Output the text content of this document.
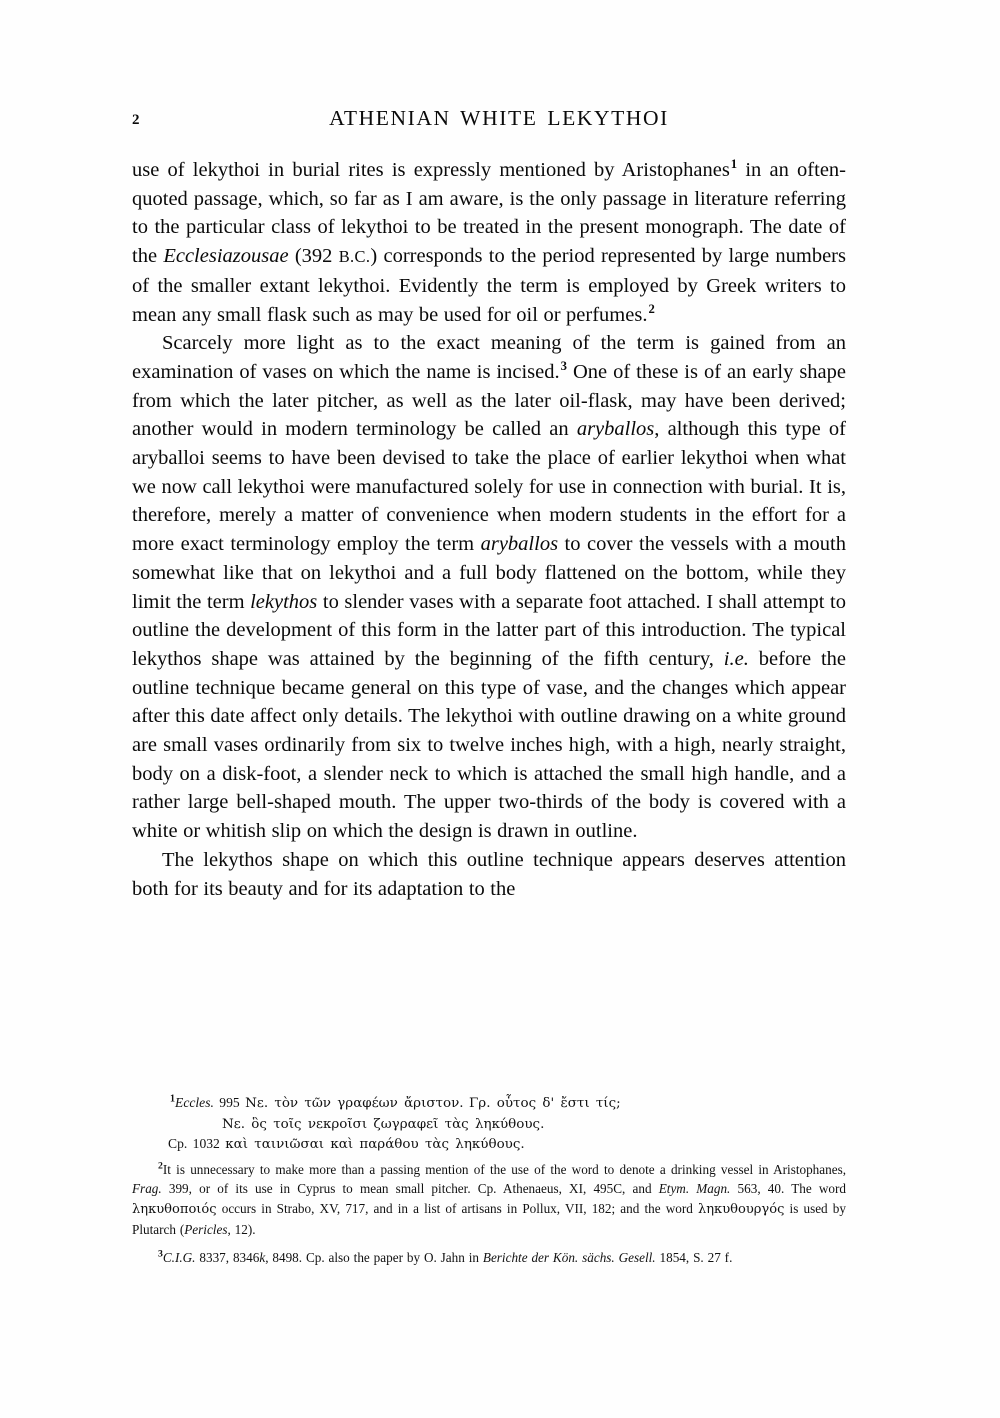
2	ATHENIAN WHITE LEKYTHOI

use of lekythoi in burial rites is expressly mentioned by Aristophanes$^1$ in an often-quoted passage, which, so far as I am aware, is the only passage in literature referring to the particular class of lekythoi to be treated in the present monograph. The date of the Ecclesiazousae (392 B.C.) corresponds to the period represented by large numbers of the smaller extant lekythoi. Evidently the term is employed by Greek writers to mean any small flask such as may be used for oil or perfumes.$^2$

Scarcely more light as to the exact meaning of the term is gained from an examination of vases on which the name is incised.$^3$ One of these is of an early shape from which the later pitcher, as well as the later oil-flask, may have been derived; another would in modern terminology be called an aryballos, although this type of aryballoi seems to have been devised to take the place of earlier lekythoi when what we now call lekythoi were manufactured solely for use in connection with burial. It is, therefore, merely a matter of convenience when modern students in the effort for a more exact terminology employ the term aryballos to cover the vessels with a mouth somewhat like that on lekythoi and a full body flattened on the bottom, while they limit the term lekythos to slender vases with a separate foot attached. I shall attempt to outline the development of this form in the latter part of this introduction. The typical lekythos shape was attained by the beginning of the fifth century, i.e. before the outline technique became general on this type of vase, and the changes which appear after this date affect only details. The lekythoi with outline drawing on a white ground are small vases ordinarily from six to twelve inches high, with a high, nearly straight, body on a disk-foot, a slender neck to which is attached the small high handle, and a rather large bell-shaped mouth. The upper two-thirds of the body is covered with a white or whitish slip on which the design is drawn in outline.

The lekythos shape on which this outline technique appears deserves attention both for its beauty and for its adaptation to the

$^1$Eccles. 995 Νε. τὸν τῶν γραφέων ἄριστον. Γρ. οὗτος δ' ἔστι τίς;

Νε. ὃς τοῖς νεκροῖσι ζωγραφεῖ τὰς ληκύθους.

Cp. 1032 καὶ ταινιῶσαι καὶ παράθου τὰς ληκύθους.

$^2$It is unnecessary to make more than a passing mention of the use of the word to denote a drinking vessel in Aristophanes, Frag. 399, or of its use in Cyprus to mean small pitcher. Cp. Athenaeus, XI, 495C, and Etym. Magn. 563, 40. The word ληκυθοποιός occurs in Strabo, XV, 717, and in a list of artisans in Pollux, VII, 182; and the word ληκυθουργός is used by Plutarch (Pericles, 12).

$^3$C.I.G. 8337, 8346k, 8498. Cp. also the paper by O. Jahn in Berichte der Kön. sächs. Gesell. 1854, S. 27 f.
